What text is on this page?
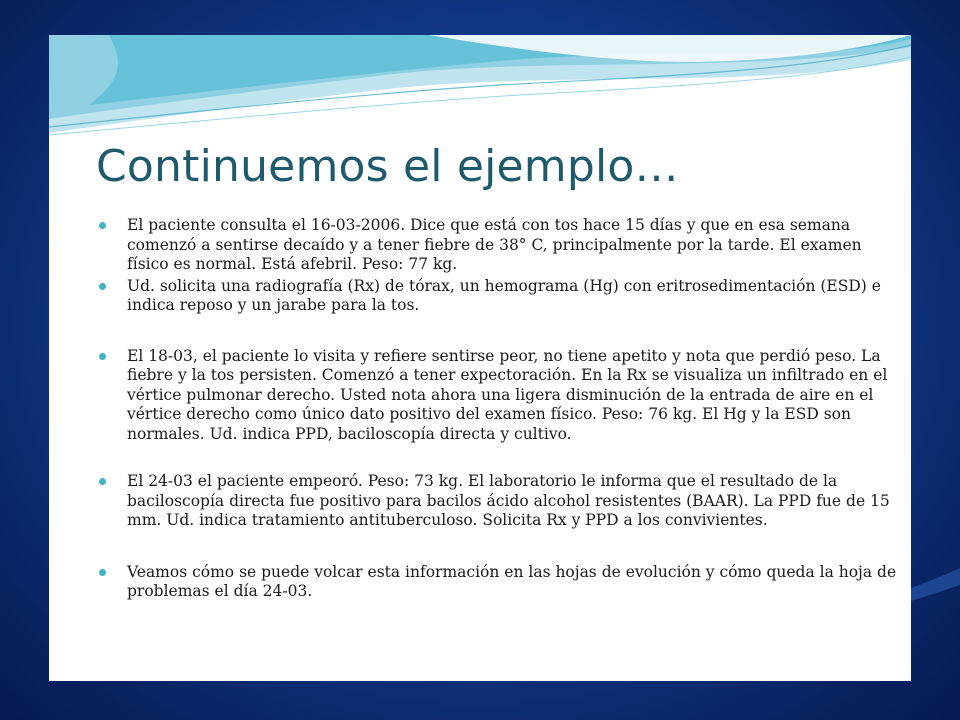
Continuemos el ejemplo…
El paciente consulta el 16-03-2006. Dice que está con tos hace 15 días y que en esa semana comenzó a sentirse decaído y a tener fiebre de 38° C, principalmente por la tarde. El examen físico es normal. Está afebril. Peso: 77 kg.
Ud. solicita una radiografía (Rx) de tórax, un hemograma (Hg) con eritrosedimentación (ESD) e indica reposo y un jarabe para la tos.
El 18-03, el paciente lo visita y refiere sentirse peor, no tiene apetito y nota que perdió peso. La fiebre y la tos persisten. Comenzó a tener expectoración. En la Rx se visualiza un infiltrado en el vértice pulmonar derecho. Usted nota ahora una ligera disminución de la entrada de aire en el vértice derecho como único dato positivo del examen físico. Peso: 76 kg. El Hg y la ESD son normales. Ud. indica PPD, baciloscopía directa y cultivo.
El 24-03 el paciente empeoró. Peso: 73 kg. El laboratorio le informa que el resultado de la baciloscopía directa fue positivo para bacilos ácido alcohol resistentes (BAAR). La PPD fue de 15 mm. Ud. indica tratamiento antituberculoso. Solicita Rx y PPD a los convivientes.
Veamos cómo se puede volcar esta información en las hojas de evolución y cómo queda la hoja de problemas el día 24-03.
